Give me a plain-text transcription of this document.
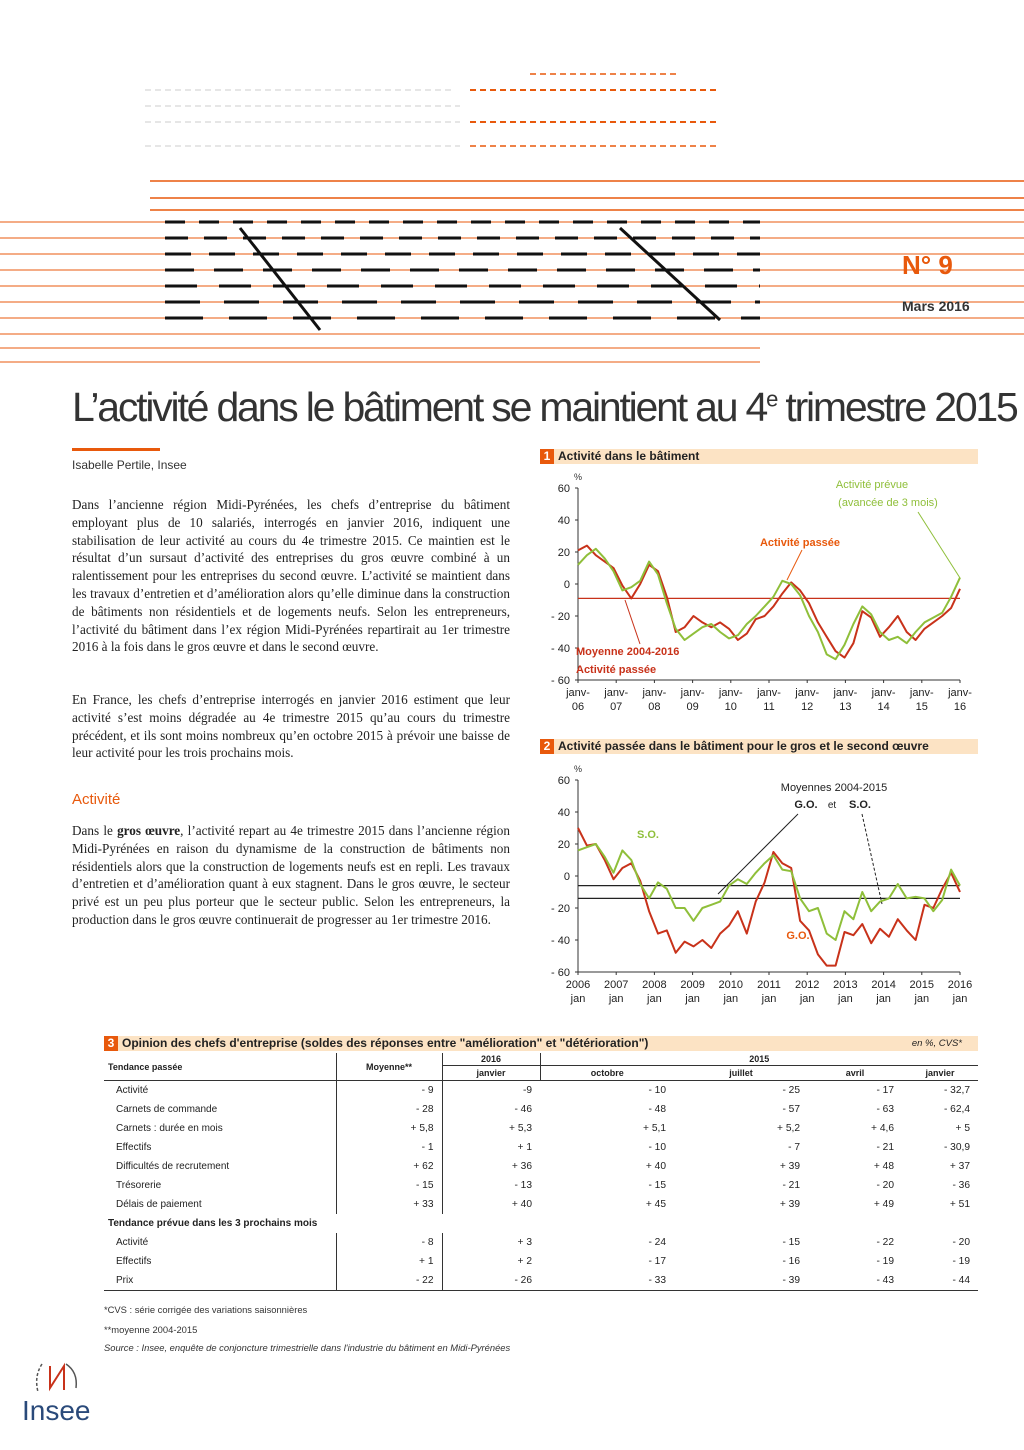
N° 9
Mars 2016
L’activité dans le bâtiment se maintient au 4e trimestre 2015
Isabelle Pertile, Insee

Dans l’ancienne région Midi-Pyrénées, les chefs d’entreprise du bâtiment employant plus de 10 salariés, interrogés en janvier 2016, indiquent une stabilisation de leur activité au cours du 4e trimestre 2015. Ce maintien est le résultat d’un sursaut d’activité des entreprises du gros œuvre combiné à un ralentissement pour les entreprises du second œuvre. L’activité se maintient dans les travaux d’entretien et d’amélioration alors qu’elle diminue dans la construction de bâtiments non résidentiels et de logements neufs. Selon les entrepreneurs, l’activité du bâtiment dans l’ex région Midi-Pyrénées repartirait au 1er trimestre 2016 à la fois dans le gros œuvre et dans le second œuvre.

En France, les chefs d’entreprise interrogés en janvier 2016 estiment que leur activité s’est moins dégradée au 4e trimestre 2015 qu’au cours du trimestre précédent, et ils sont moins nombreux qu’en octobre 2015 à prévoir une baisse de leur activité pour les trois prochains mois.

Activité

Dans le gros œuvre, l’activité repart au 4e trimestre 2015 dans l’ancienne région Midi-Pyrénées en raison du dynamisme de la construction de bâtiments non résidentiels alors que la construction de logements neufs est en repli. Les travaux d’entretien et d’amélioration quant à eux stagnent. Dans le gros œuvre, le secteur privé est un peu plus porteur que le secteur public. Selon les entrepreneurs, la production dans le gros œuvre continuerait de progresser au 1er trimestre 2016.

1 Activité dans le bâtiment
%
60
40
20
0
- 20
- 40
- 60
janv-
06
janv-
07
janv-
08
janv-
09
janv-
10
janv-
11
janv-
12
janv-
13
janv-
14
janv-
15
janv-
16
Activité prévue
(avancée de 3 mois)
Activité passée
Moyenne 2004-2016
Activité passée
2 Activité passée dans le bâtiment pour le gros et le second œuvre
%
60
40
20
0
- 20
- 40
- 60
2006
jan
2007
jan
2008
jan
2009
jan
2010
jan
2011
jan
2012
jan
2013
jan
2014
jan
2015
jan
2016
jan
Moyennes 2004-2015
G.O. et S.O.
S.O.
G.O.
3 Opinion des chefs d'entreprise (soldes des réponses entre "amélioration" et "détérioration")	en %, CVS*
Tendance passée	Moyenne**	2016	2015			
		janvier	octobre	juillet	avril	janvier
Activité	- 9	-9	- 10	- 25	- 17	- 32,7
Carnets de commande	- 28	- 46	- 48	- 57	- 63	- 62,4
Carnets : durée en mois	+ 5,8	+ 5,3	+ 5,1	+ 5,2	+ 4,6	+ 5
Effectifs	- 1	+ 1	- 10	- 7	- 21	- 30,9
Difficultés de recrutement	+ 62	+ 36	+ 40	+ 39	+ 48	+ 37
Trésorerie	- 15	- 13	- 15	- 21	- 20	- 36
Délais de paiement	+ 33	+ 40	+ 45	+ 39	+ 49	+ 51
Tendance prévue dans les 3 prochains mois						
Activité	- 8	+ 3	- 24	- 15	- 22	- 20
Effectifs	+ 1	+ 2	- 17	- 16	- 19	- 19
Prix	- 22	- 26	- 33	- 39	- 43	- 44
*CVS : série corrigée des variations saisonnières
**moyenne 2004-2015
Source : Insee, enquête de conjoncture trimestrielle dans l'industrie du bâtiment en Midi-Pyrénées
Insee
